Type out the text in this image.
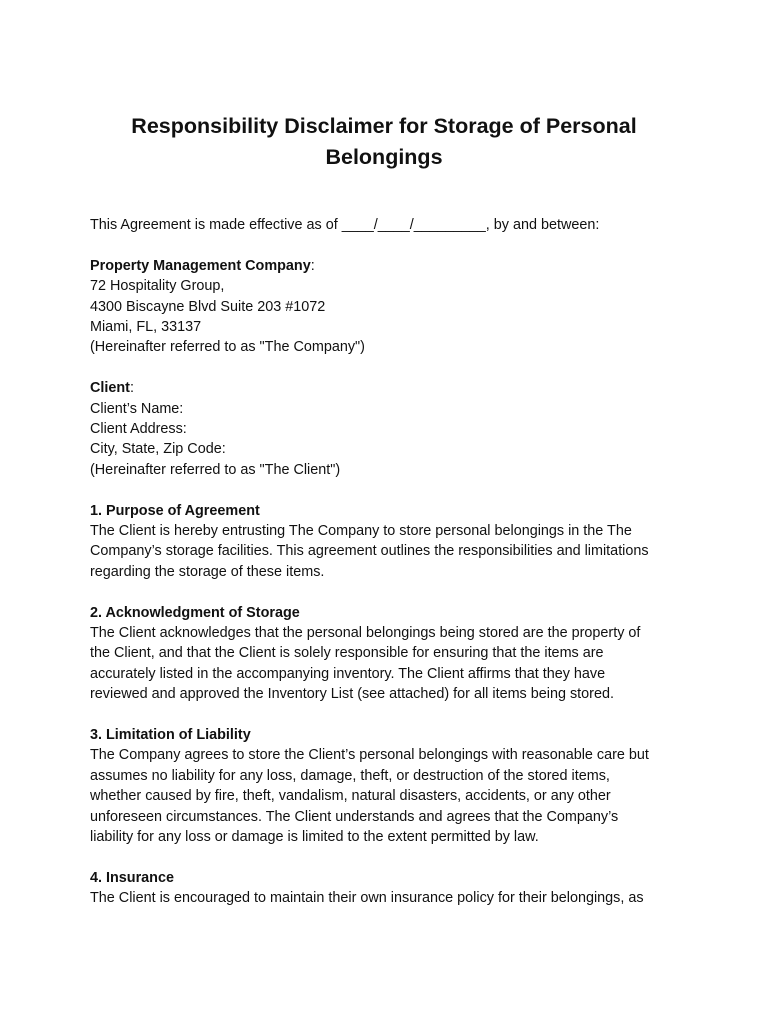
Responsibility Disclaimer for Storage of Personal
Belongings
This Agreement is made effective as of ____/____/_________, by and between:
Property Management Company:
72 Hospitality Group,
4300 Biscayne Blvd Suite 203 #1072
Miami, FL, 33137
(Hereinafter referred to as "The Company")
Client:
Client’s Name:
Client Address:
City, State, Zip Code:
(Hereinafter referred to as "The Client")
1. Purpose of Agreement
The Client is hereby entrusting The Company to store personal belongings in the The
Company’s storage facilities. This agreement outlines the responsibilities and limitations
regarding the storage of these items.
2. Acknowledgment of Storage
The Client acknowledges that the personal belongings being stored are the property of
the Client, and that the Client is solely responsible for ensuring that the items are
accurately listed in the accompanying inventory. The Client affirms that they have
reviewed and approved the Inventory List (see attached) for all items being stored.
3. Limitation of Liability
The Company agrees to store the Client’s personal belongings with reasonable care but
assumes no liability for any loss, damage, theft, or destruction of the stored items,
whether caused by fire, theft, vandalism, natural disasters, accidents, or any other
unforeseen circumstances. The Client understands and agrees that the Company’s
liability for any loss or damage is limited to the extent permitted by law.
4. Insurance
The Client is encouraged to maintain their own insurance policy for their belongings, as
